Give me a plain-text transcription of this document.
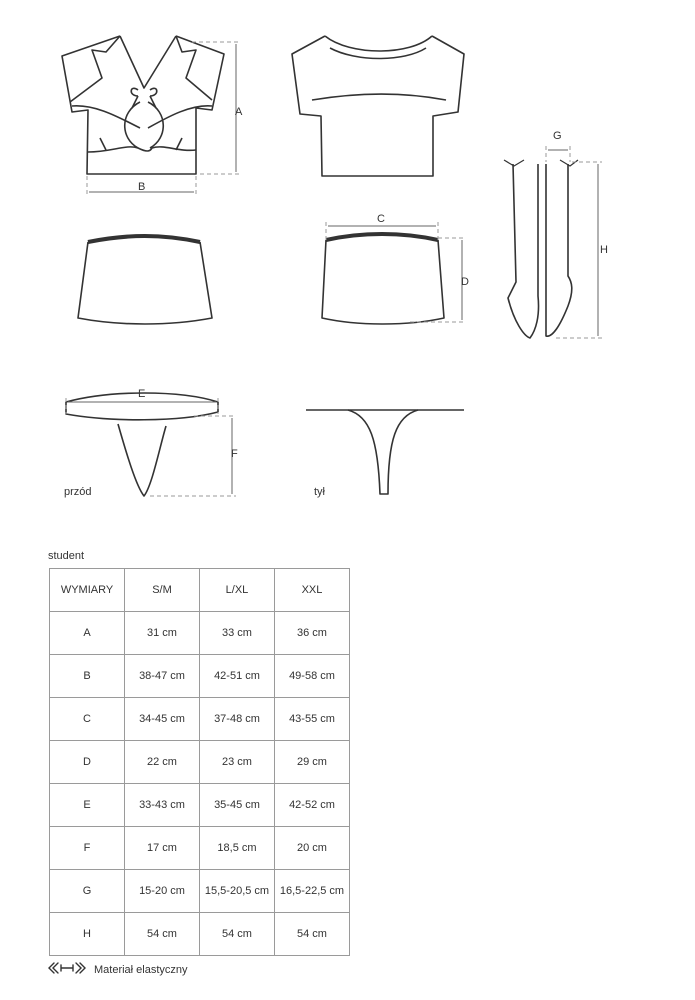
A
B
C
D
E
F
G
H
przód	tył
student
WYMIARY	S/M	L/XL	XXL
A	31 cm	33 cm	36 cm
B	38-47 cm	42-51 cm	49-58 cm
C	34-45 cm	37-48 cm	43-55 cm
D	22 cm	23 cm	29 cm
E	33-43 cm	35-45 cm	42-52 cm
F	17 cm	18,5 cm	20 cm
G	15-20 cm	15,5-20,5 cm	16,5-22,5 cm
H	54 cm	54 cm	54 cm
Materiał elastyczny
